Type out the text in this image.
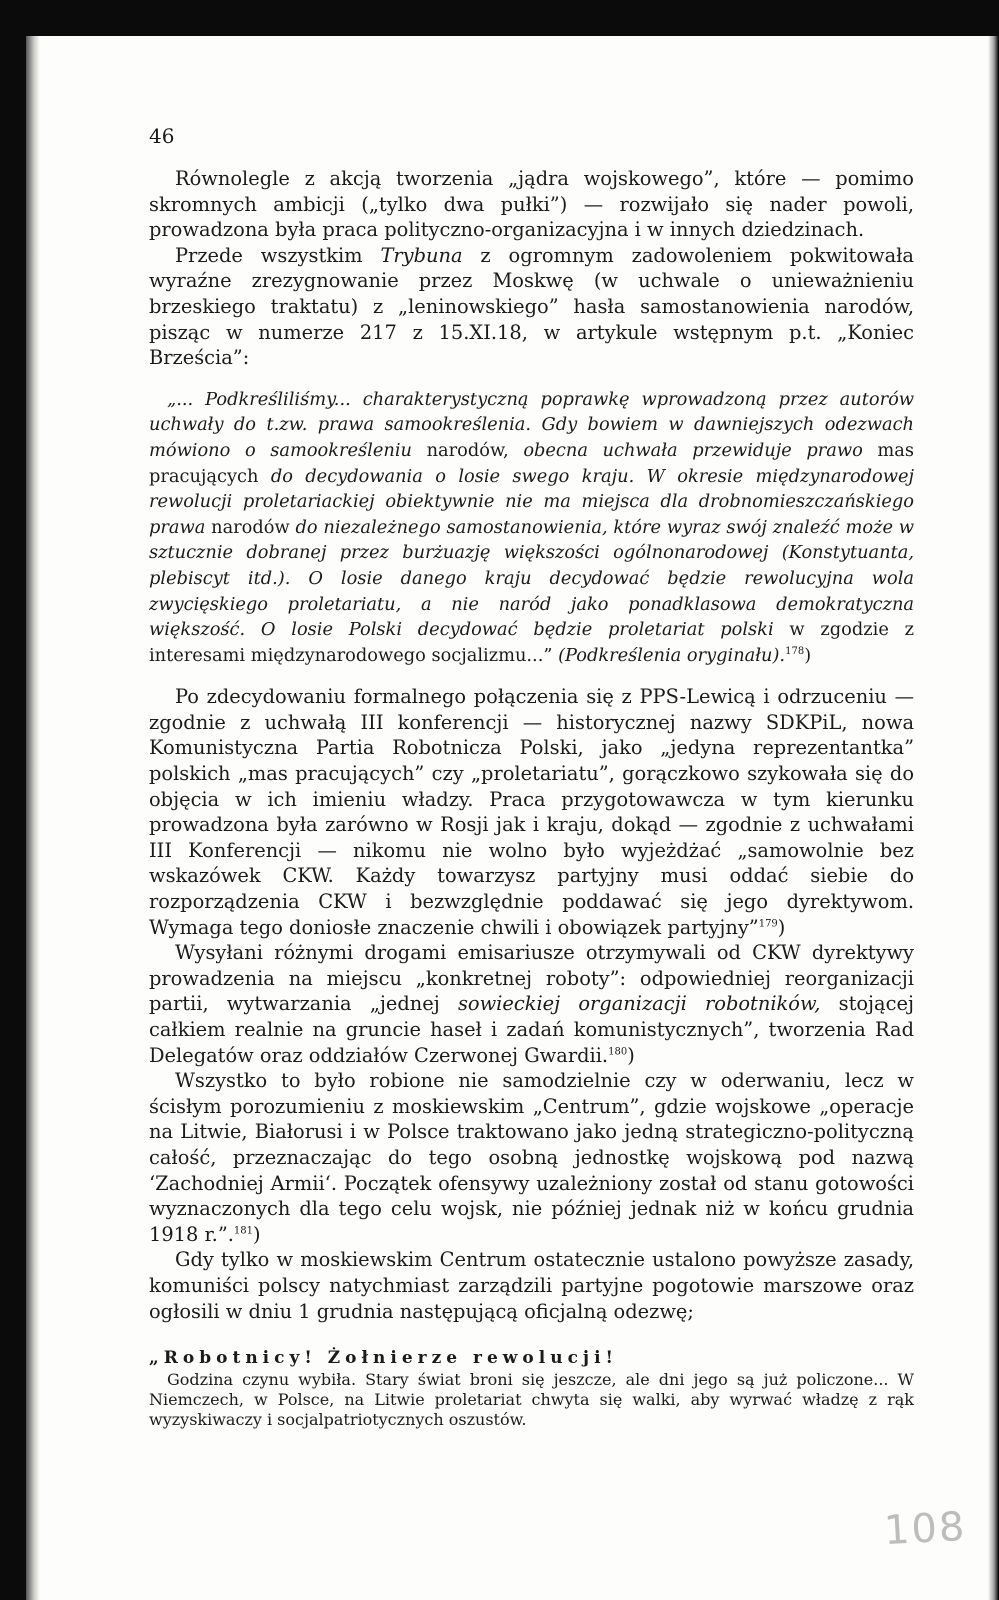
46

Równolegle z akcją tworzenia „jądra wojskowego”, które — pomimo skromnych ambicji („tylko dwa pułki”) — rozwijało się nader powoli, prowadzona była praca polityczno-organizacyjna i w innych dziedzinach.

Przede wszystkim Trybuna z ogromnym zadowoleniem pokwitowała wyraźne zrezygnowanie przez Moskwę (w uchwale o unieważnieniu brzeskiego traktatu) z „leninowskiego” hasła samostanowienia narodów, pisząc w numerze 217 z 15.XI.18, w artykule wstępnym p.t. „Koniec Brześcia”:

„... Podkreśliliśmy... charakterystyczną poprawkę wprowadzoną przez autorów uchwały do t.zw. prawa samookreślenia. Gdy bowiem w dawniejszych odezwach mówiono o samookreśleniu narodów, obecna uchwała przewiduje prawo mas pracujących do decydowania o losie swego kraju. W okresie międzynarodowej rewolucji proletariackiej obiektywnie nie ma miejsca dla drobnomieszczańskiego prawa narodów do niezależnego samostanowienia, które wyraz swój znaleźć może w sztucznie dobranej przez burżuazję większości ogólnonarodowej (Konstytuanta, plebiscyt itd.). O losie danego kraju decydować będzie rewolucyjna wola zwycięskiego proletariatu, a nie naród jako ponadklasowa demokratyczna większość. O losie Polski decydować będzie proletariat polski w zgodzie z interesami międzynarodowego socjalizmu...” (Podkreślenia oryginału).$^{178}$)

Po zdecydowaniu formalnego połączenia się z PPS-Lewicą i odrzuceniu — zgodnie z uchwałą III konferencji — historycznej nazwy SDKPiL, nowa Komunistyczna Partia Robotnicza Polski, jako „jedyna reprezentantka” polskich „mas pracujących” czy „proletariatu”, gorączkowo szykowała się do objęcia w ich imieniu władzy. Praca przygotowawcza w tym kierunku prowadzona była zarówno w Rosji jak i kraju, dokąd — zgodnie z uchwałami III Konferencji — nikomu nie wolno było wyjeżdżać „samowolnie bez wskazówek CKW. Każdy towarzysz partyjny musi oddać siebie do rozporządzenia CKW i bezwzględnie poddawać się jego dyrektywom. Wymaga tego doniosłe znaczenie chwili i obowiązek partyjny”$^{179}$)

Wysyłani różnymi drogami emisariusze otrzymywali od CKW dyrektywy prowadzenia na miejscu „konkretnej roboty”: odpowiedniej reorganizacji partii, wytwarzania „jednej sowieckiej organizacji robotników, stojącej całkiem realnie na gruncie haseł i zadań komunistycznych”, tworzenia Rad Delegatów oraz oddziałów Czerwonej Gwardii.$^{180}$)

Wszystko to było robione nie samodzielnie czy w oderwaniu, lecz w ścisłym porozumieniu z moskiewskim „Centrum”, gdzie wojskowe „operacje na Litwie, Białorusi i w Polsce traktowano jako jedną strategiczno-polityczną całość, przeznaczając do tego osobną jednostkę wojskową pod nazwą ‘Zachodniej Armii‘. Początek ofensywy uzależniony został od stanu gotowości wyznaczonych dla tego celu wojsk, nie później jednak niż w końcu grudnia 1918 r.”.$^{181}$)

Gdy tylko w moskiewskim Centrum ostatecznie ustalono powyższe zasady, komuniści polscy natychmiast zarządzili partyjne pogotowie marszowe oraz ogłosili w dniu 1 grudnia następującą oficjalną odezwę;

„Robotnicy! Żołnierze rewolucji!

Godzina czynu wybiła. Stary świat broni się jeszcze, ale dni jego są już policzone... W Niemczech, w Polsce, na Litwie proletariat chwyta się walki, aby wyrwać władzę z rąk wyzyskiwaczy i socjalpatriotycznych oszustów.

108
